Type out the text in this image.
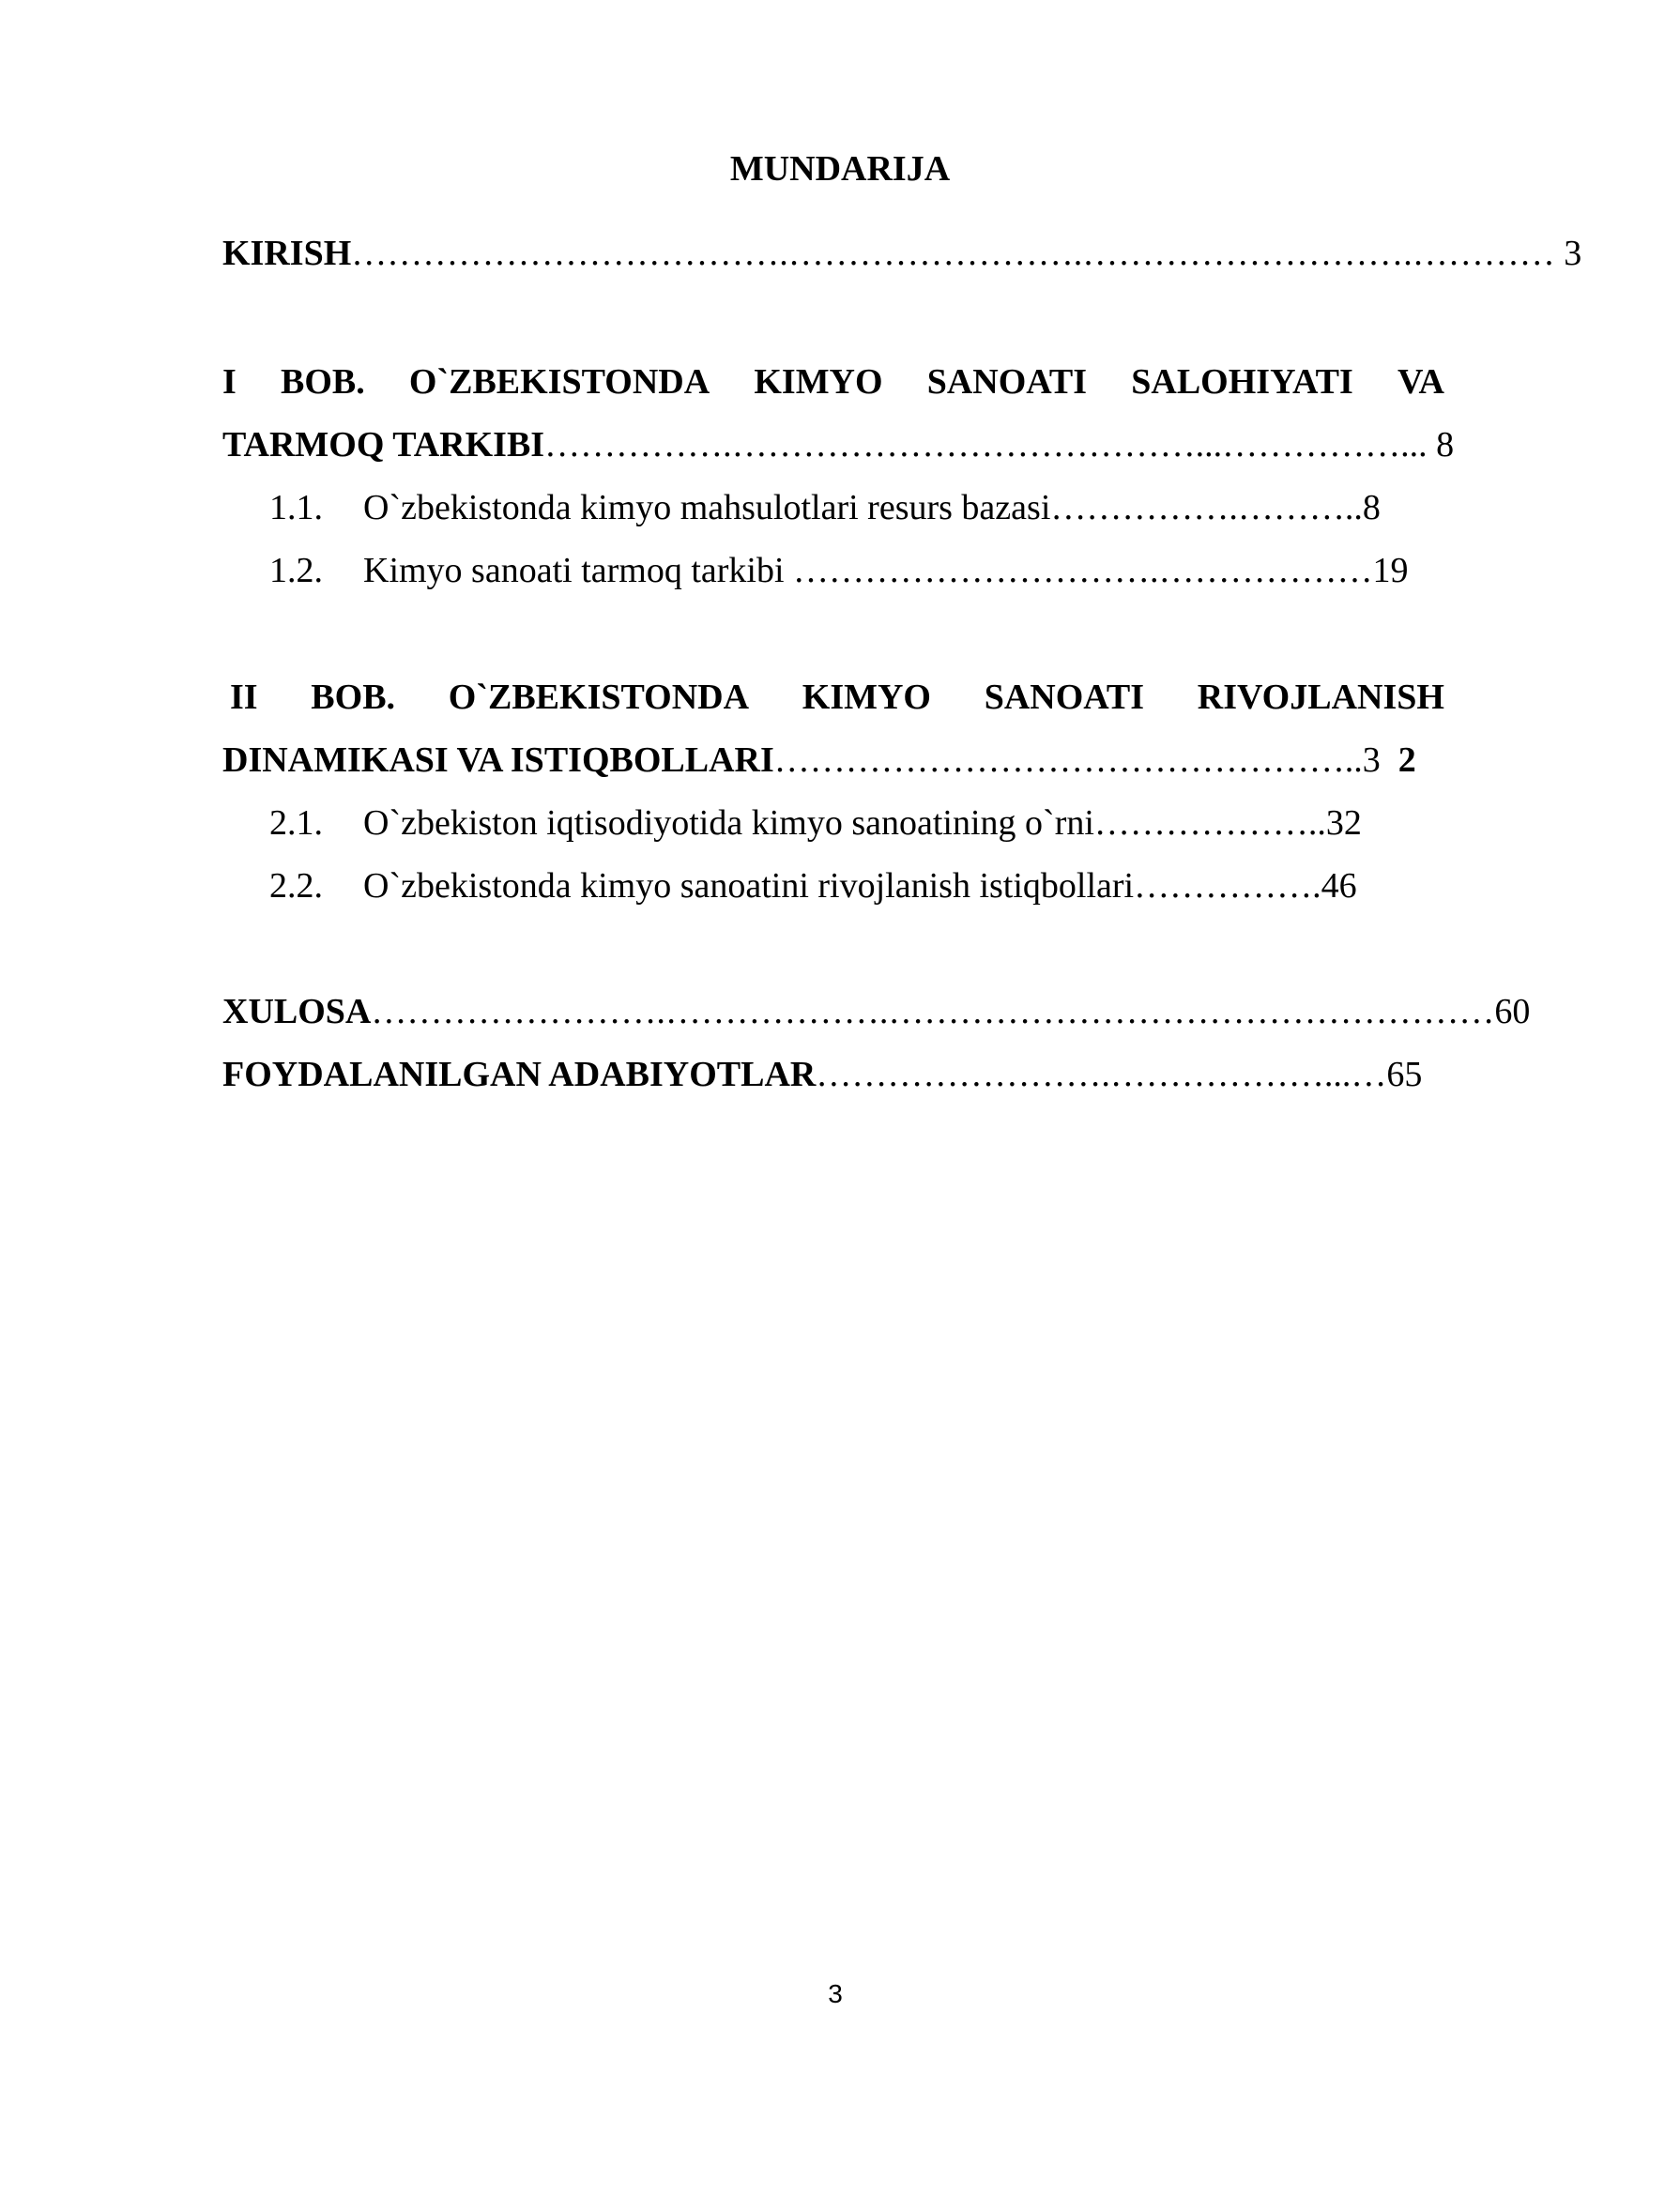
MUNDARIJA
KIRISH……………………………….…………………….……………………….………… 3
I BOB. O`ZBEKISTONDA KIMYO SANOATI SALOHIYATI VA
TARMOQ TARKIBI…………….…………………………………...……………... 8
1.1. O`zbekistonda kimyo mahsulotlari resurs bazasi…………….………..8
1.2. Kimyo sanoati tarmoq tarkibi ………………………….………………19
II BOB. O`ZBEKISTONDA KIMYO SANOATI RIVOJLANISH
DINAMIKASI VA ISTIQBOLLARI…………………………………………..3 2
2.1. O`zbekiston iqtisodiyotida kimyo sanoatining o`rni………………..32
2.2. O`zbekistonda kimyo sanoatini rivojlanish istiqbollari…………….46
XULOSA…………………….……………….……………………………………………60
FOYDALANILGAN ADABIYOTLAR…………………….………………...…65
3
